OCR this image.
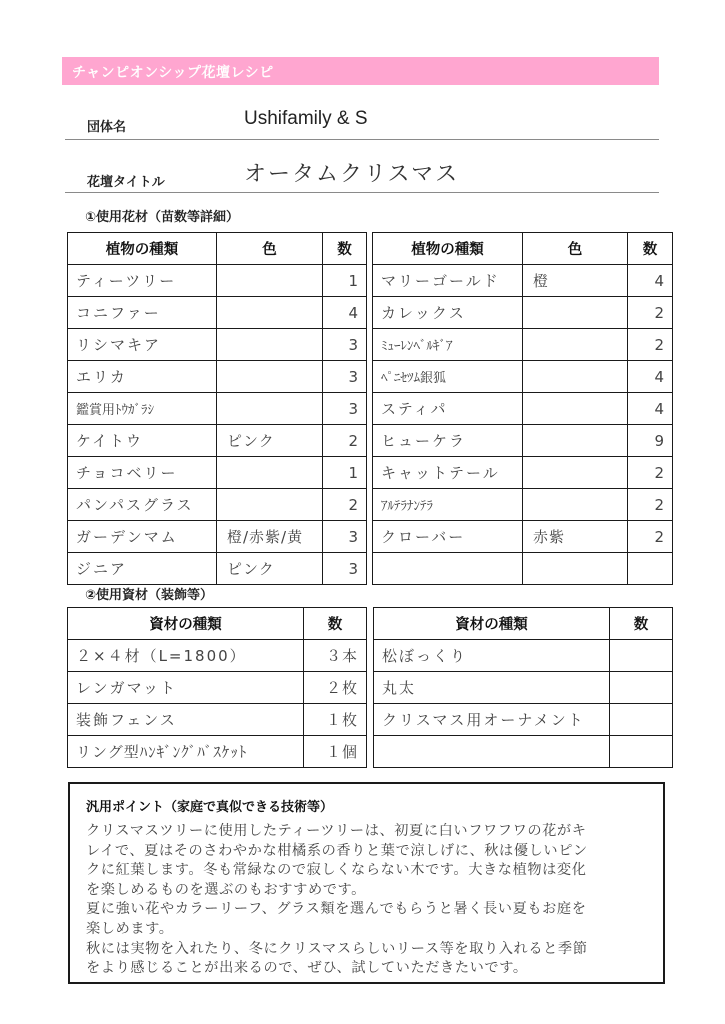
チャンピオンシップ花壇レシピ
団体名	Ushifamily & S
花壇タイトル	オータムクリスマス
①使用花材（苗数等詳細）
植物の種類	色	数
ティーツリー		1
コニファー		4
リシマキア		3
エリカ		3
鑑賞用ﾄｳｶﾞﾗｼ		3
ケイトウ	ピンク	2
チョコベリー		1
パンパスグラス		2
ガーデンマム	橙/赤紫/黄	3
ジニア	ピンク	3
植物の種類	色	数
マリーゴールド	橙	4
カレックス		2
ﾐｭｰﾚﾝﾍﾞﾙｷﾞｱ		2
ﾍﾟﾆｾﾂﾑ銀狐		4
スティパ		4
ヒューケラ		9
キャットテール		2
ｱﾙﾃﾗﾅﾝﾃﾗ		2
クローバー	赤紫	2

②使用資材（装飾等）
資材の種類	数
２×４材（L=1800）	３本
レンガマット	２枚
装飾フェンス	１枚
リング型ﾊﾝｷﾞﾝｸﾞﾊﾞｽｹｯﾄ	１個
資材の種類	数
松ぼっくり	
丸太	
クリスマス用オーナメント	

汎用ポイント（家庭で真似できる技術等）

クリスマスツリーに使用したティーツリーは、初夏に白いフワフワの花がキ

レイで、夏はそのさわやかな柑橘系の香りと葉で涼しげに、秋は優しいピン

クに紅葉します。冬も常緑なので寂しくならない木です。大きな植物は変化

を楽しめるものを選ぶのもおすすめです。

夏に強い花やカラーリーフ、グラス類を選んでもらうと暑く長い夏もお庭を

楽しめます。

秋には実物を入れたり、冬にクリスマスらしいリース等を取り入れると季節

をより感じることが出来るので、ぜひ、試していただきたいです。
